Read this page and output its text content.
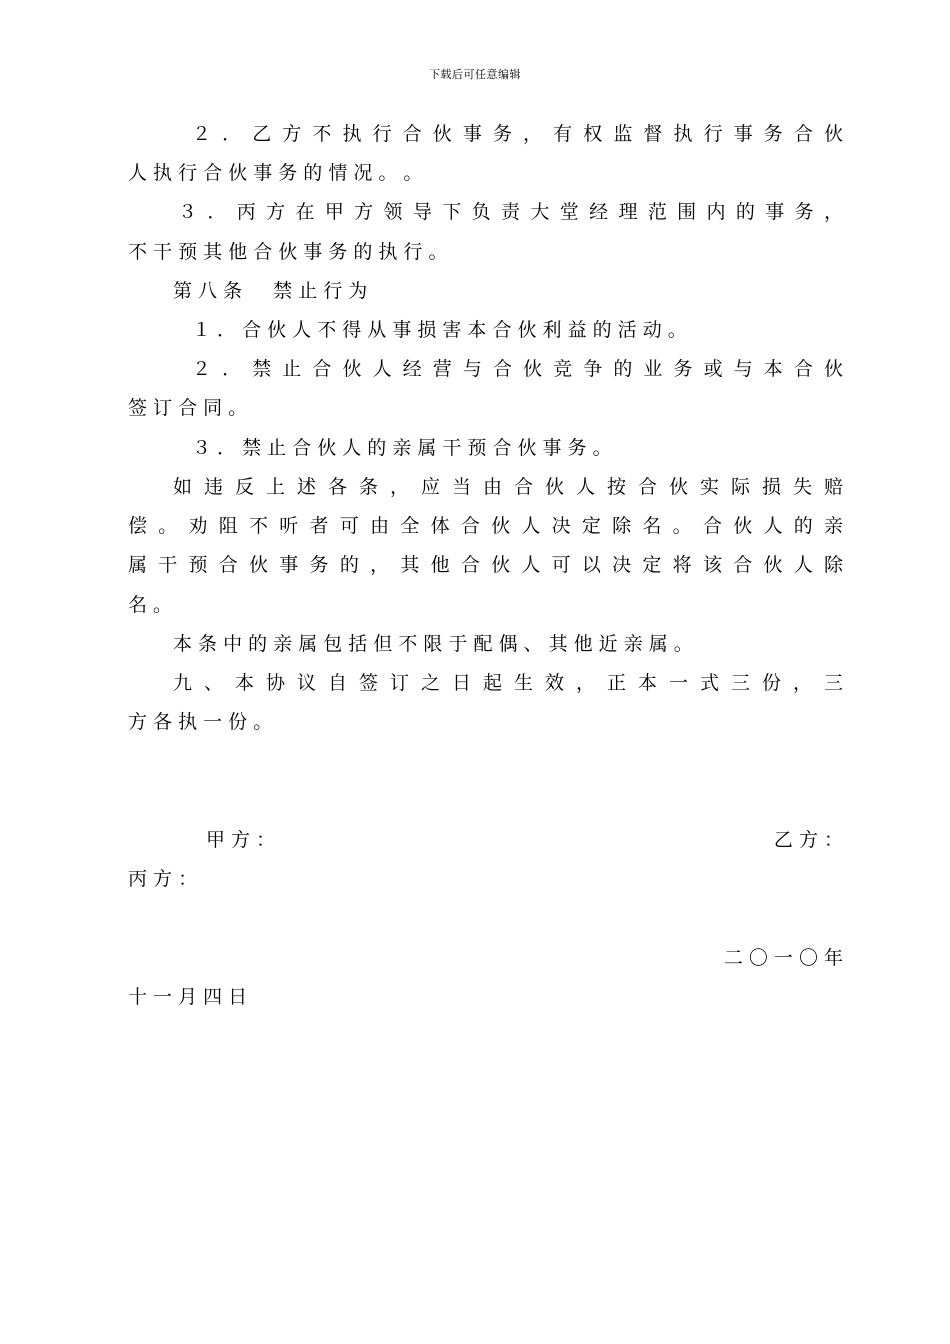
下载后可任意编辑
２ ． 乙 方 不 执 行 合 伙 事 务 ， 有 权 监 督 执 行 事 务 合 伙
人 执 行 合 伙 事 务 的 情 况 。 。
３ ． 丙 方 在 甲 方 领 导 下 负 责 大 堂 经 理 范 围 内 的 事 务 ，
不 干 预 其 他 合 伙 事 务 的 执 行 。
第 八 条 　 禁 止 行 为
１ ． 合 伙 人 不 得 从 事 损 害 本 合 伙 利 益 的 活 动 。
２ ． 禁 止 合 伙 人 经 营 与 合 伙 竞 争 的 业 务 或 与 本 合 伙
签 订 合 同 。
３ ． 禁 止 合 伙 人 的 亲 属 干 预 合 伙 事 务 。
如 违 反 上 述 各 条 ， 应 当 由 合 伙 人 按 合 伙 实 际 损 失 赔
偿 。 劝 阻 不 听 者 可 由 全 体 合 伙 人 决 定 除 名 。 合 伙 人 的 亲
属 干 预 合 伙 事 务 的 ， 其 他 合 伙 人 可 以 决 定 将 该 合 伙 人 除
名 。
本 条 中 的 亲 属 包 括 但 不 限 于 配 偶 、 其 他 近 亲 属 。
九 、 本 协 议 自 签 订 之 日 起 生 效 ， 正 本 一 式 三 份 ， 三
方 各 执 一 份 。
甲 方 ：	乙 方 ：
丙 方 ：
二 〇 一 〇 年
十 一 月 四 日
